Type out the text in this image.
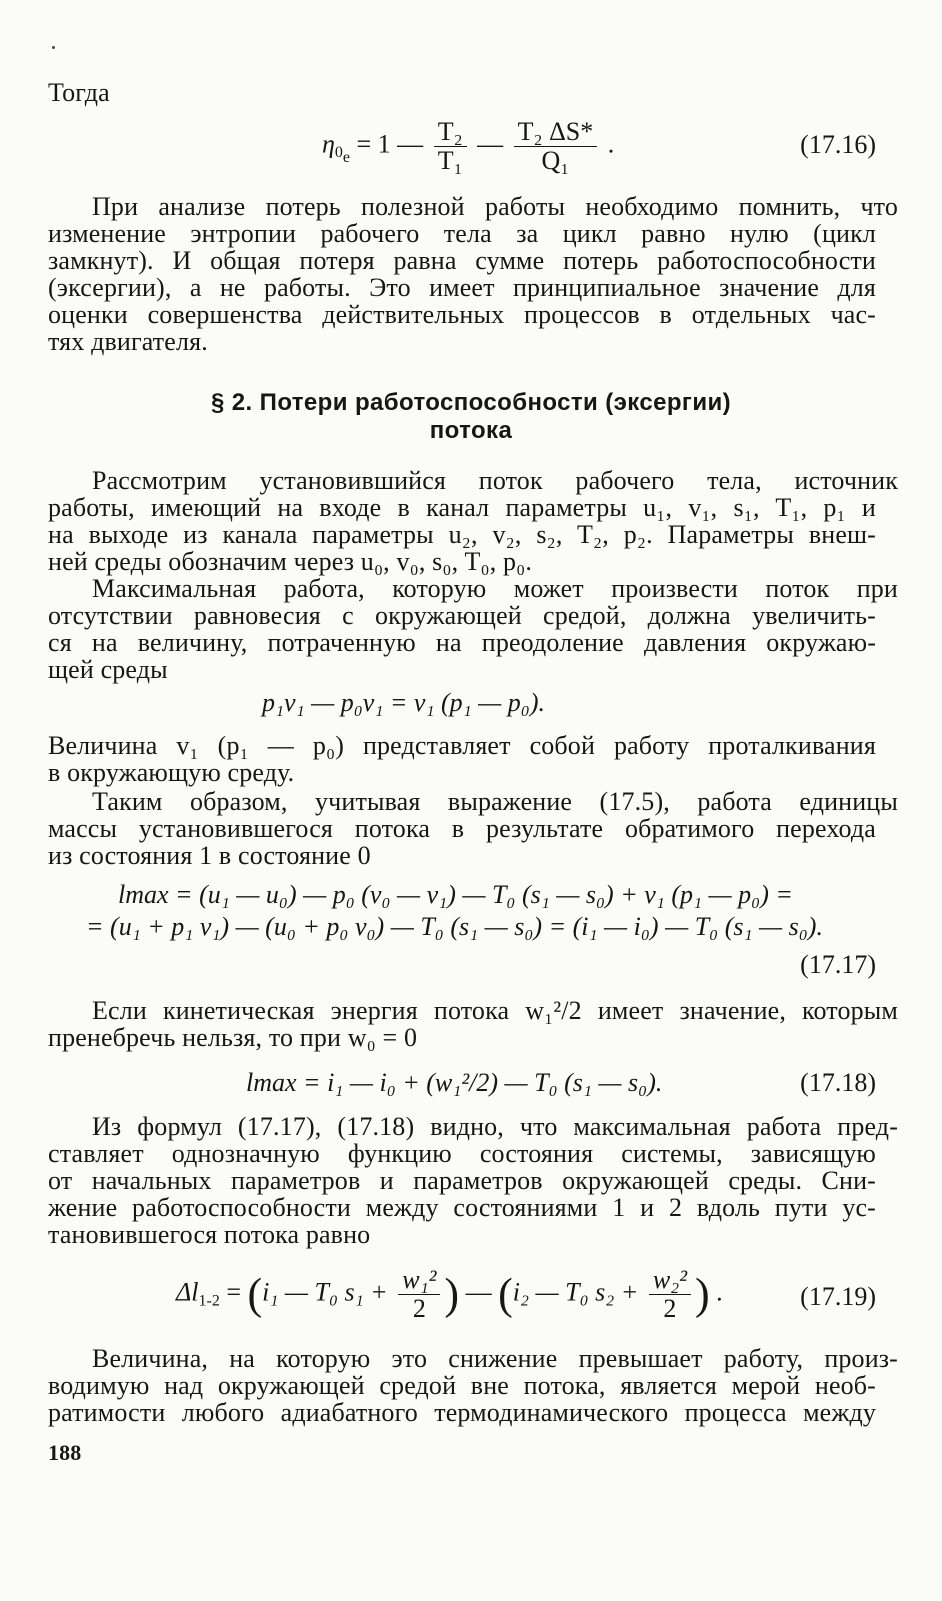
Тогда
$\eta_{0_e} = 1$ — $\frac{\text{T₂}}{\text{T₁}}$ — $\frac{\text{T₂ ΔS*}}{\text{Q₁}}$ .	(17.16)
При анализе потерь полезной работы необходимо помнить, что
изменение энтропии рабочего тела за цикл равно нулю (цикл
замкнут). И общая потеря равна сумме потерь работоспособности
(эксергии), а не работы. Это имеет принципиальное значение для
оценки совершенства действительных процессов в отдельных час-
тях двигателя.
§ 2. Потери работоспособности (эксергии)
потока
Рассмотрим установившийся поток рабочего тела, источник
работы, имеющий на входе в канал параметры u₁, v₁, s₁, T₁, p₁ и
на выходе из канала параметры u₂, v₂, s₂, T₂, p₂. Параметры внеш-
ней среды обозначим через u₀, v₀, s₀, T₀, p₀.
Максимальная работа, которую может произвести поток при
отсутствии равновесия с окружающей средой, должна увеличить-
ся на величину, потраченную на преодоление давления окружаю-
щей среды
p₁v₁ — p₀v₁ = v₁ (p₁ — p₀).
Величина v₁ (p₁ — p₀) представляет собой работу проталкивания
в окружающую среду.
Таким образом, учитывая выражение (17.5), работа единицы
массы установившегося потока в результате обратимого перехода
из состояния 1 в состояние 0
lmax = (u₁ — u₀) — p₀ (v₀ — v₁) — T₀ (s₁ — s₀) + v₁ (p₁ — p₀) =
= (u₁ + p₁ v₁) — (u₀ + p₀ v₀) — T₀ (s₁ — s₀) = (i₁ — i₀) — T₀ (s₁ — s₀).
(17.17)
Если кинетическая энергия потока w₁²/2 имеет значение, которым
пренебречь нельзя, то при w₀ = 0
lmax = i₁ — i₀ + (w₁²/2) — T₀ (s₁ — s₀).	(17.18)
Из формул (17.17), (17.18) видно, что максимальная работа пред-
ставляет однозначную функцию состояния системы, зависящую
от начальных параметров и параметров окружающей среды. Сни-
жение работоспособности между состояниями 1 и 2 вдоль пути ус-
тановившегося потока равно
$\Delta l_{1-2} = (i_1$ — T₀ $s_1 + \frac{\text{w₁²}}{2}$ ) — (i₂ — T₀ $s_2 + \frac{\text{w₂²}}{2}$ ) .	(17.19)
Величина, на которую это снижение превышает работу, произ-
водимую над окружающей средой вне потока, является мерой необ-
ратимости любого адиабатного термодинамического процесса между
188
